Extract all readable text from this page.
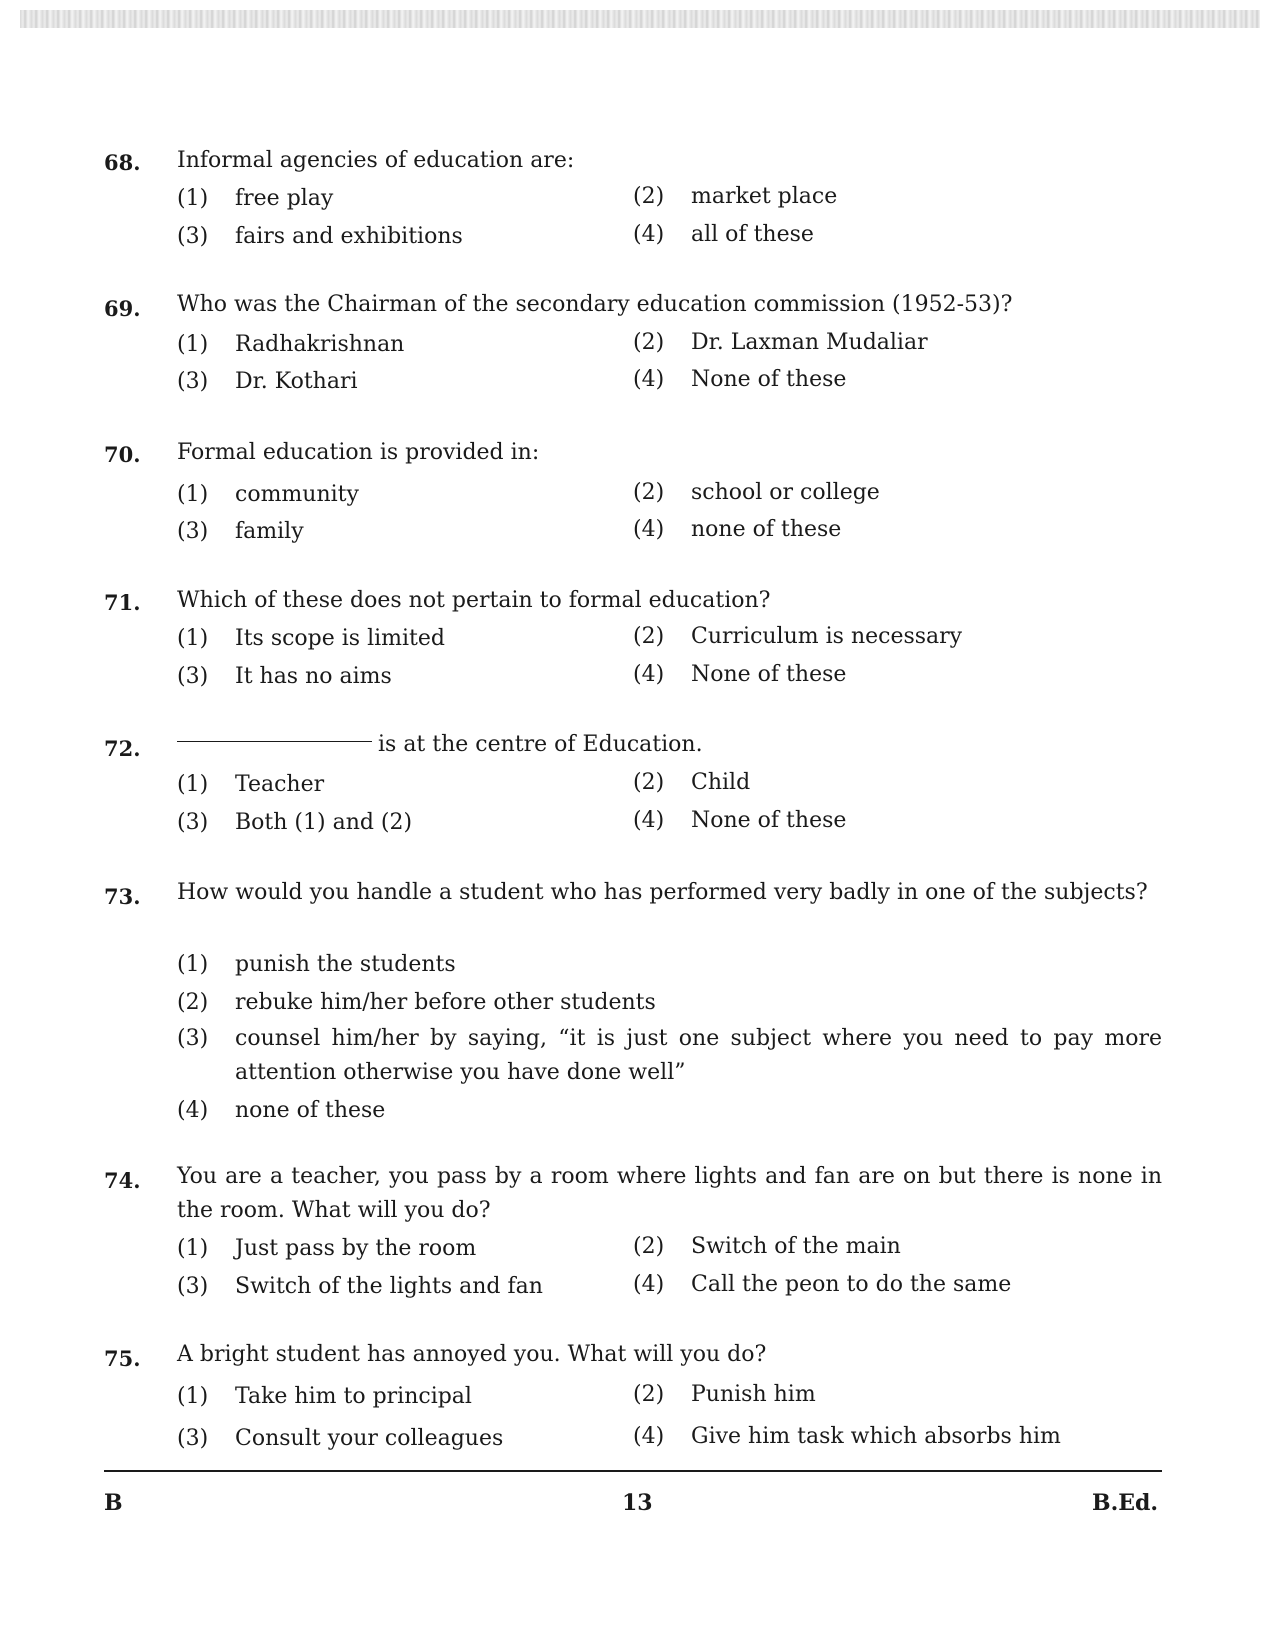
68. Informal agencies of education are:
(1) free play	(2) market place
(3) fairs and exhibitions	(4) all of these
69. Who was the Chairman of the secondary education commission (1952-53)?
(1) Radhakrishnan	(2) Dr. Laxman Mudaliar
(3) Dr. Kothari	(4) None of these
70. Formal education is provided in:
(1) community	(2) school or college
(3) family	(4) none of these
71. Which of these does not pertain to formal education?
(1) Its scope is limited	(2) Curriculum is necessary
(3) It has no aims	(4) None of these
72.	is at the centre of Education.
(1) Teacher	(2) Child
(3) Both (1) and (2)	(4) None of these
73. How would you handle a student who has performed very badly in one of the subjects?
(1) punish the students
(2) rebuke him/her before other students
(3) counsel him/her by saying, “it is just one subject where you need to pay more attention otherwise you have done well”
(4) none of these
74. You are a teacher, you pass by a room where lights and fan are on but there is none in the room. What will you do?
(1) Just pass by the room	(2) Switch of the main
(3) Switch of the lights and fan	(4) Call the peon to do the same
75. A bright student has annoyed you. What will you do?
(1) Take him to principal	(2) Punish him
(3) Consult your colleagues	(4) Give him task which absorbs him
B	13	B.Ed.
